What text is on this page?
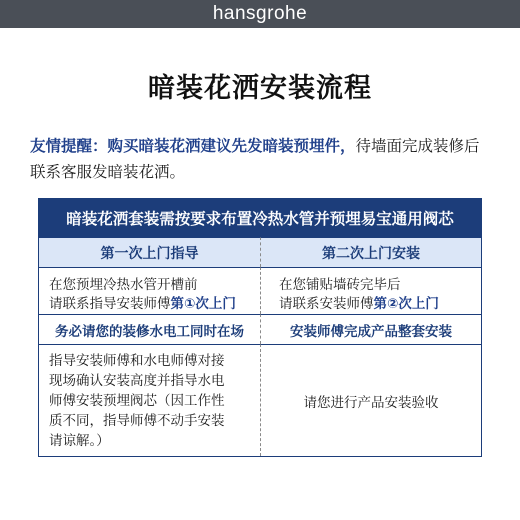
hansgrohe
暗装花洒安装流程
友情提醒：购买暗装花洒建议先发暗装预埋件，待墙面完成装修后联系客服发暗装花洒。
暗装花洒套装需按要求布置冷热水管并预埋易宝通用阀芯
第一次上门指导	第二次上门安装
在您预埋冷热水管开槽前
请联系指导安装师傅第①次上门
在您铺贴墙砖完毕后
请联系安装师傅第②次上门
务必请您的装修水电工同时在场	安装师傅完成产品整套安装
指导安装师傅和水电师傅对接
现场确认安装高度并指导水电
师傅安装预埋阀芯（因工作性
质不同，指导师傅不动手安装
请谅解。）
请您进行产品安装验收
